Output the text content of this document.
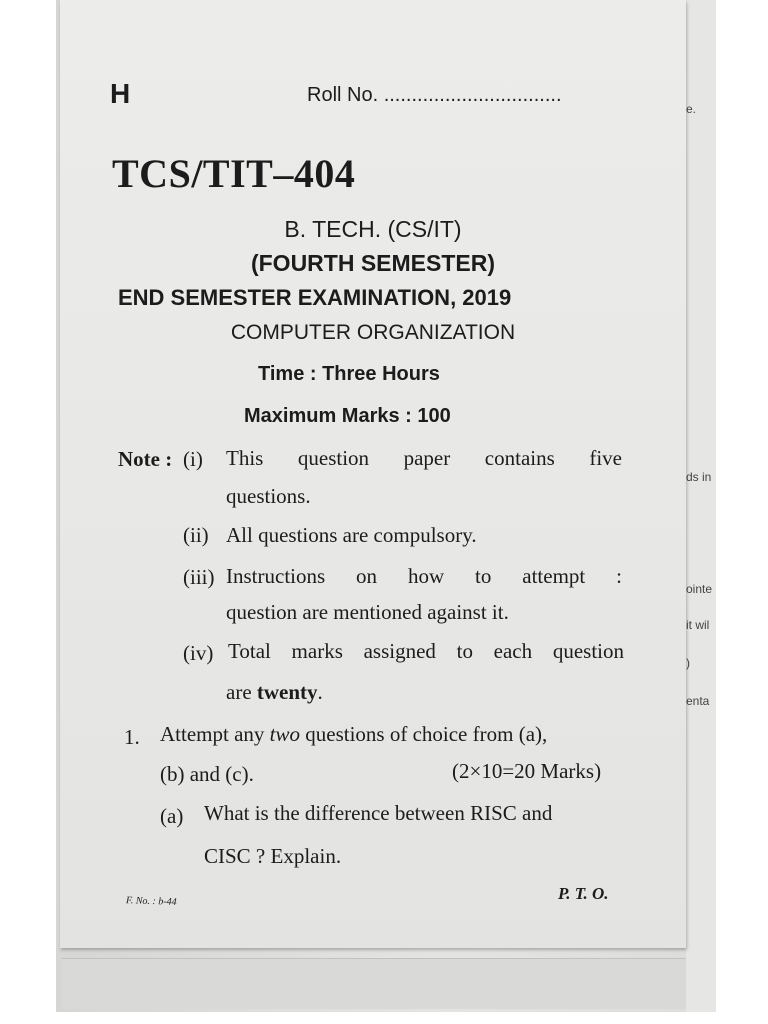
e.
ds in
ointe
it wil
)
enta
H	Roll No. ................................
TCS/TIT–404
B. TECH. (CS/IT)
(FOURTH SEMESTER)
END SEMESTER EXAMINATION, 2019
COMPUTER ORGANIZATION
Time : Three Hours
Maximum Marks : 100
Note : (i) This question paper contains five
questions.
(ii) All questions are compulsory.
(iii) Instructions on how to attempt :
question are mentioned against it.
(iv) Total marks assigned to each question
are twenty.
1. Attempt any two questions of choice from (a),
(b) and (c).	(2×10=20 Marks)
(a) What is the difference between RISC and
CISC ? Explain.
F. No. : b-44	P. T. O.
